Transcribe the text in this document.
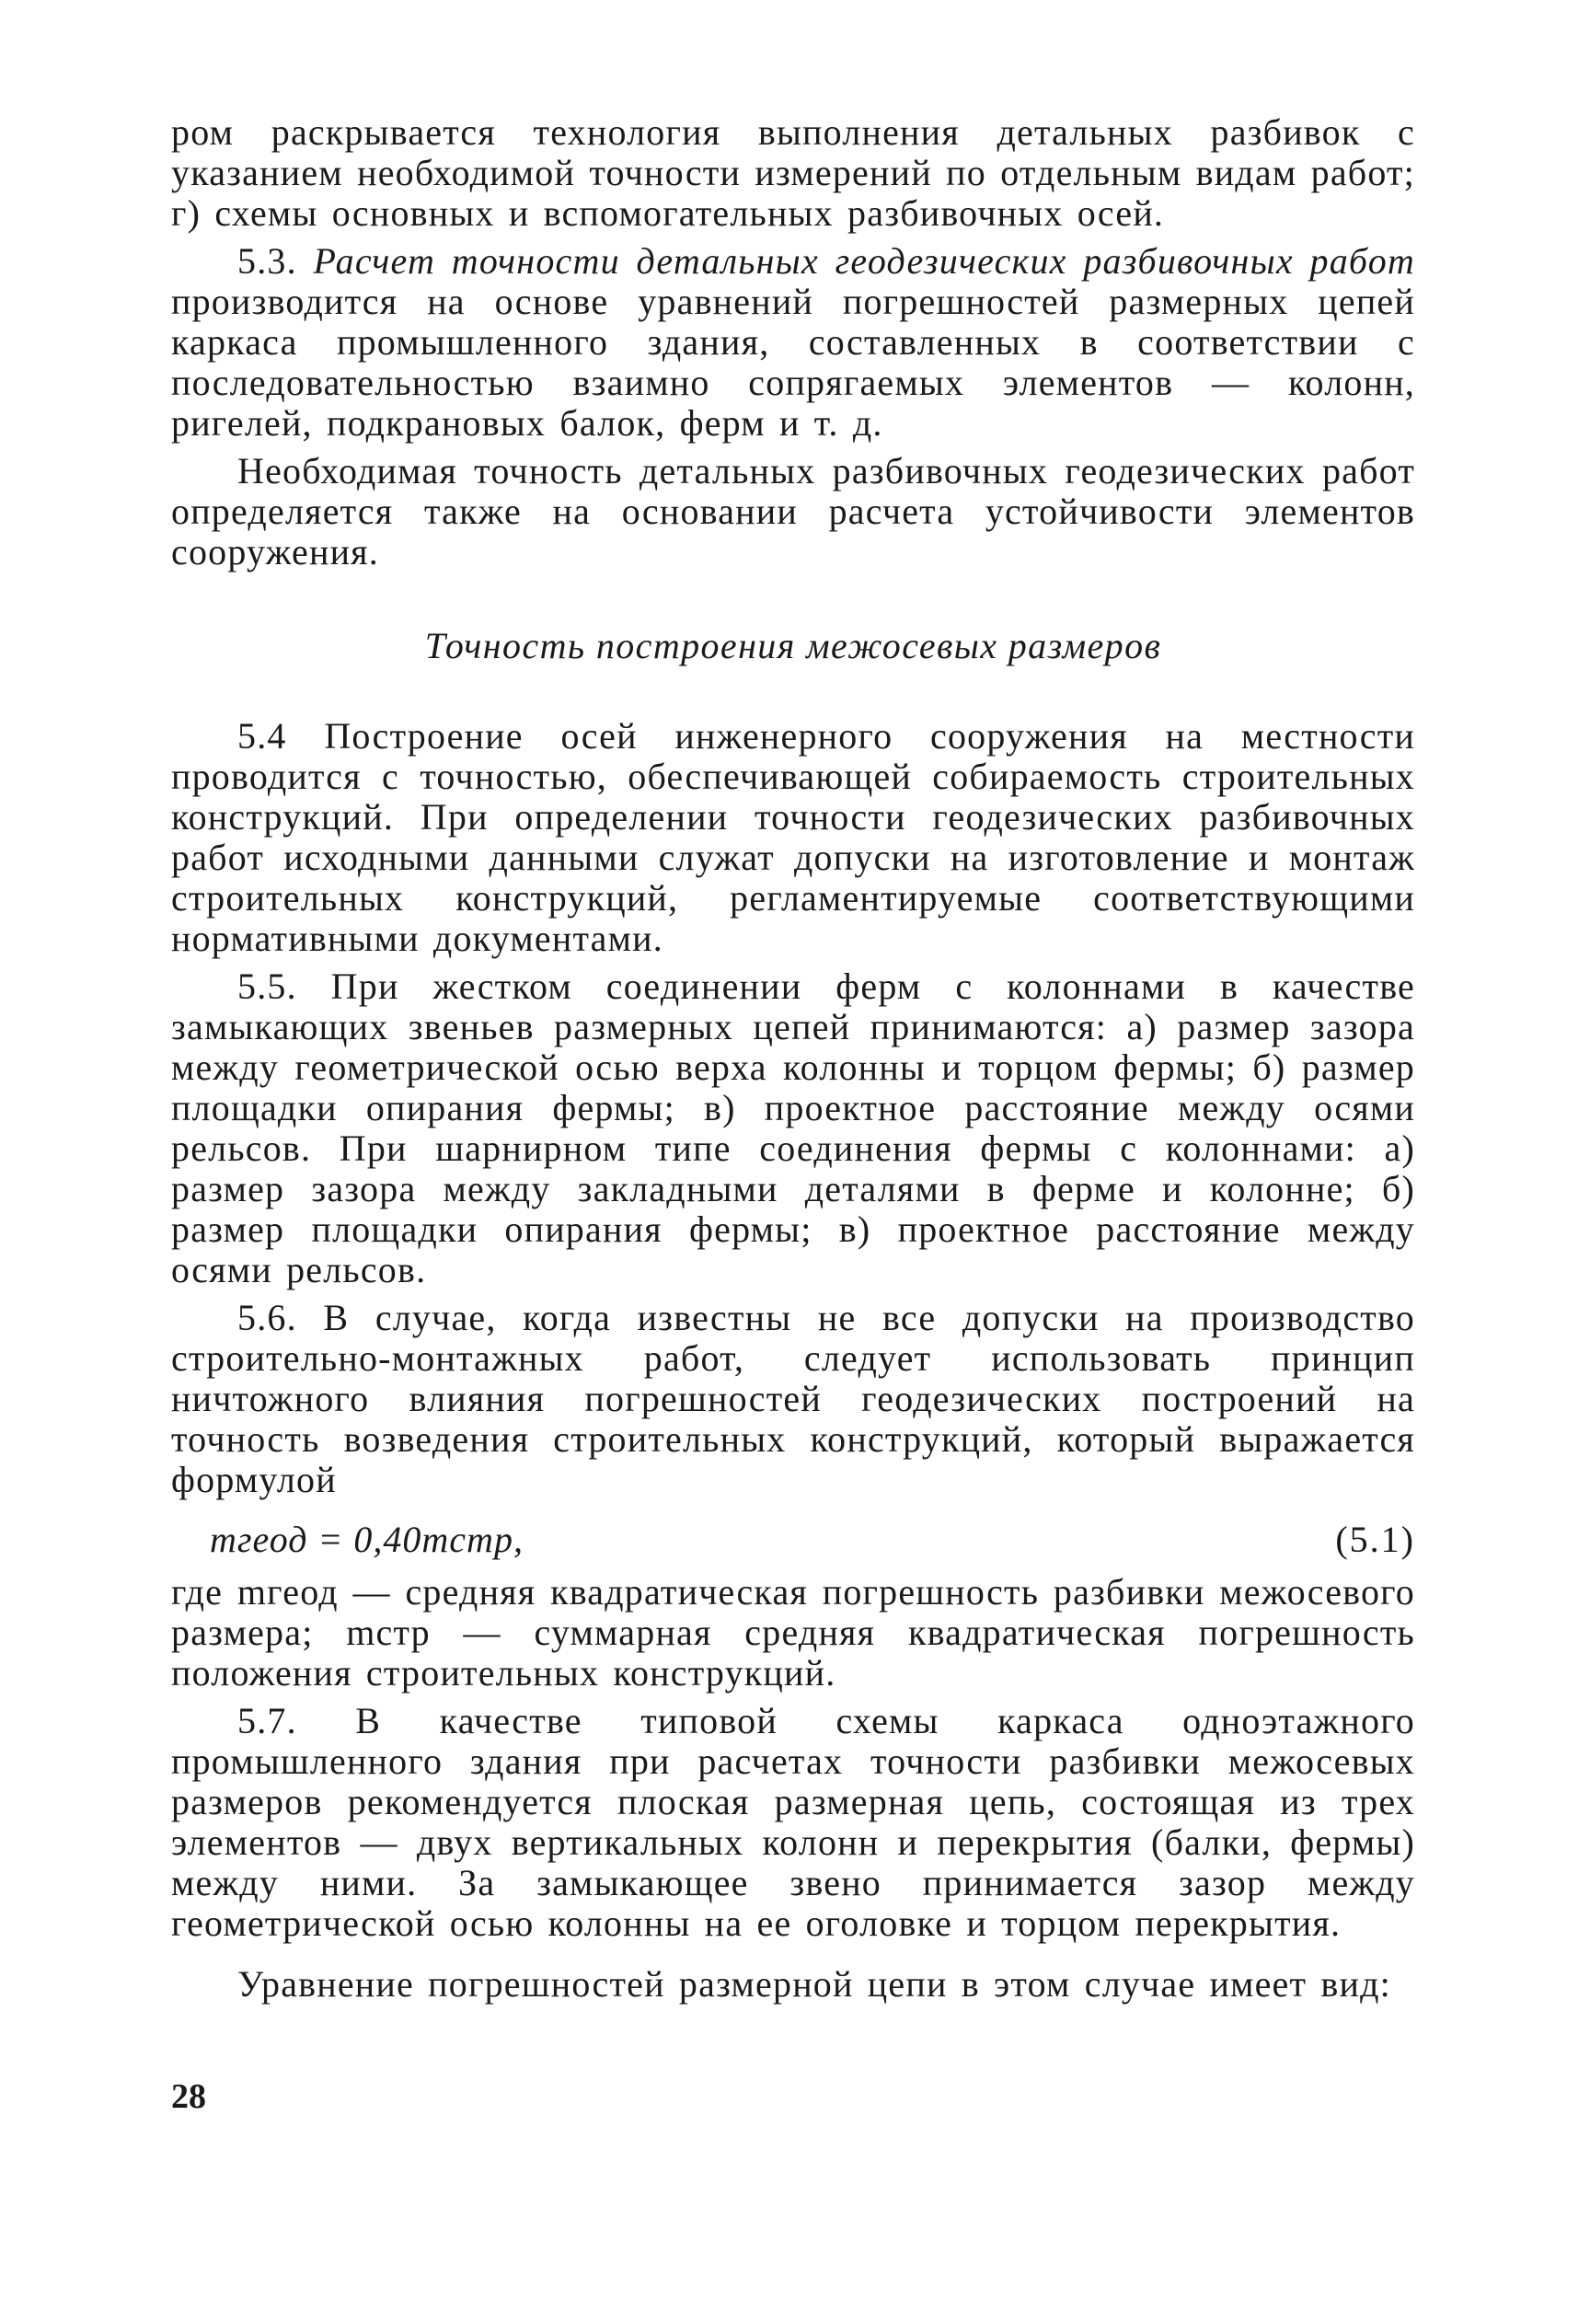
ром раскрывается технология выполнения детальных разбивок с указанием необходимой точности измерений по отдельным видам работ; г) схемы основных и вспомогательных разбивочных осей.

5.3. Расчет точности детальных геодезических разбивочных работ производится на основе уравнений погрешностей размерных цепей каркаса промышленного здания, составленных в соответствии с последовательностью взаимно сопрягаемых элементов — колонн, ригелей, подкрановых балок, ферм и т. д.

Необходимая точность детальных разбивочных геодезических работ определяется также на основании расчета устойчивости элементов сооружения.

Точность построения межосевых размеров

5.4 Построение осей инженерного сооружения на местности проводится с точностью, обеспечивающей собираемость строительных конструкций. При определении точности геодезических разбивочных работ исходными данными служат допуски на изготовление и монтаж строительных конструкций, регламентируемые соответствующими нормативными документами.

5.5. При жестком соединении ферм с колоннами в качестве замыкающих звеньев размерных цепей принимаются: а) размер зазора между геометрической осью верха колонны и торцом фермы; б) размер площадки опирания фермы; в) проектное расстояние между осями рельсов. При шарнирном типе соединения фермы с колоннами: а) размер зазора между закладными деталями в ферме и колонне; б) размер площадки опирания фермы; в) проектное расстояние между осями рельсов.

5.6. В случае, когда известны не все допуски на производство строительно-монтажных работ, следует использовать принцип ничтожного влияния погрешностей геодезических построений на точность возведения строительных конструкций, который выражается формулой

mгеод = 0,40mстр,	(5.1)

где mгеод — средняя квадратическая погрешность разбивки межосевого размера; mстр — суммарная средняя квадратическая погрешность положения строительных конструкций.

5.7. В качестве типовой схемы каркаса одноэтажного промышленного здания при расчетах точности разбивки межосевых размеров рекомендуется плоская размерная цепь, состоящая из трех элементов — двух вертикальных колонн и перекрытия (балки, фермы) между ними. За замыкающее звено принимается зазор между геометрической осью колонны на ее оголовке и торцом перекрытия.

Уравнение погрешностей размерной цепи в этом случае имеет вид:

28
